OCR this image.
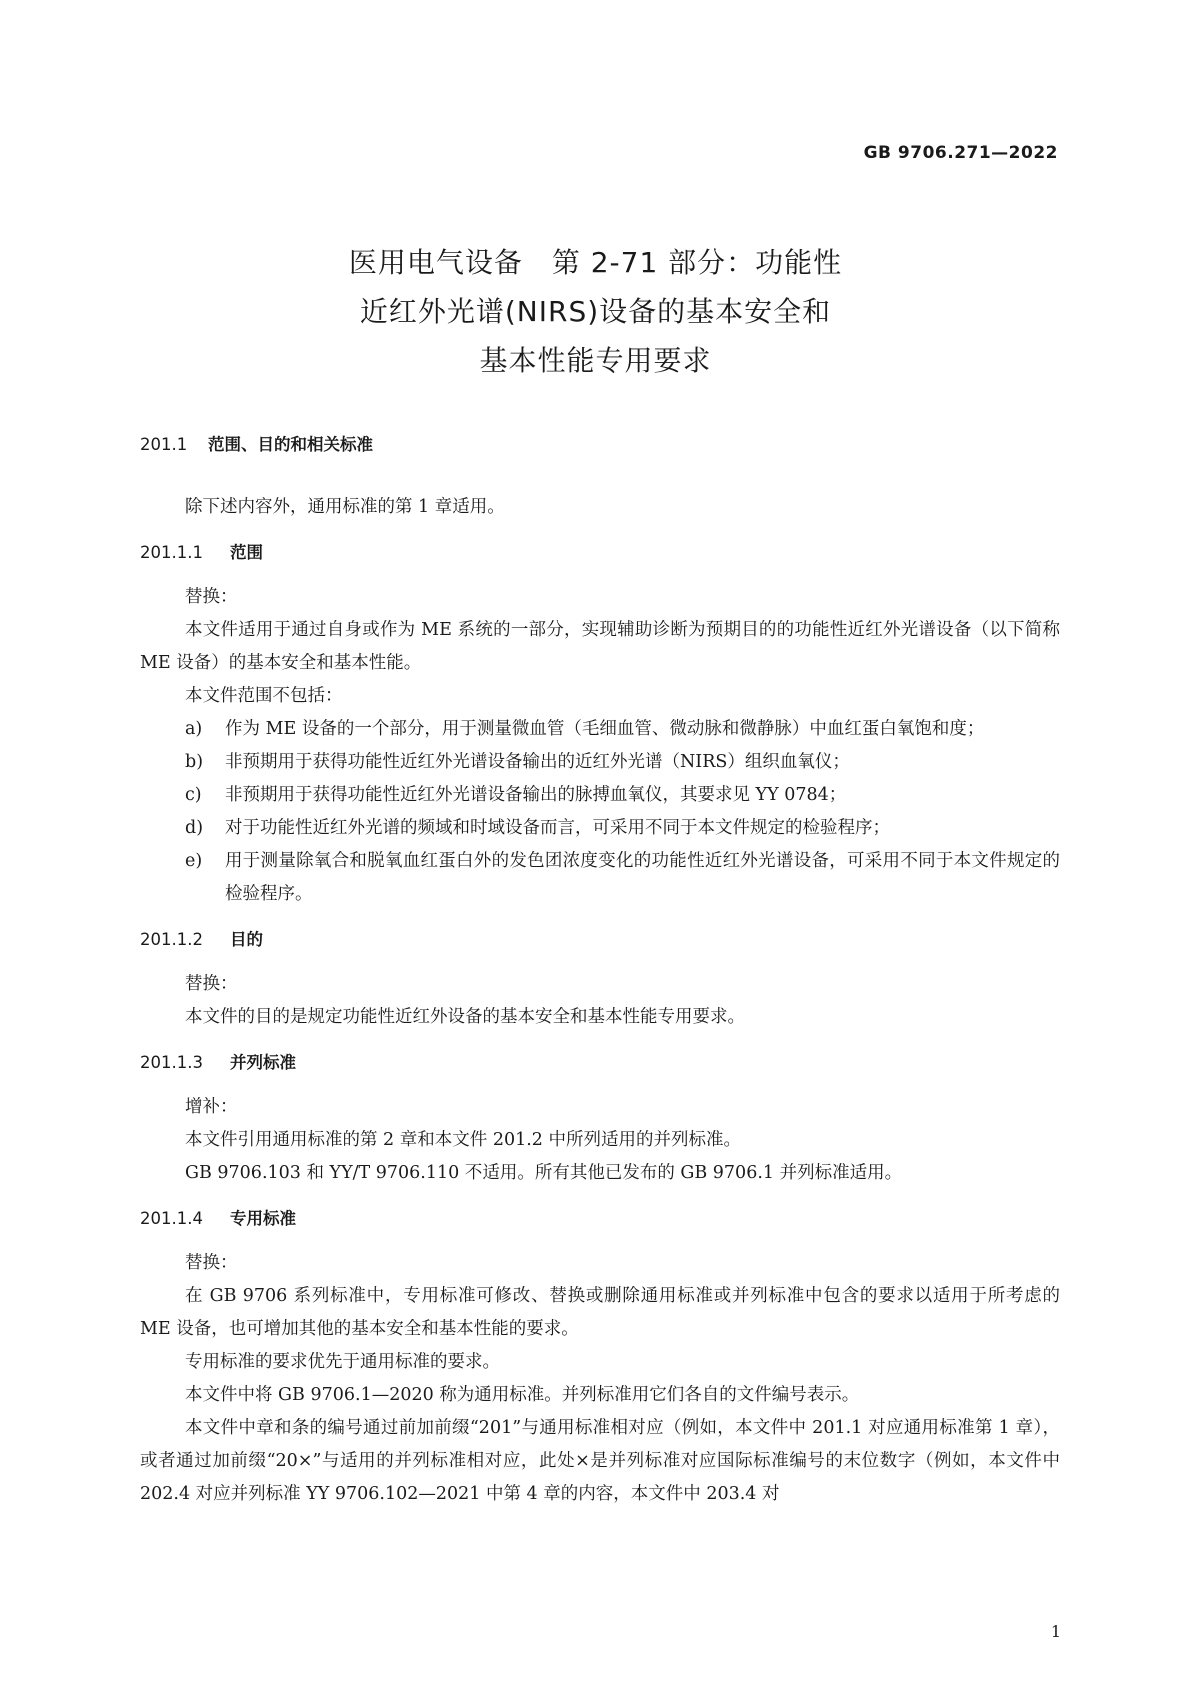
GB 9706.271—2022
医用电气设备　第 2-71 部分：功能性
近红外光谱(NIRS)设备的基本安全和
基本性能专用要求

201.1 范围、目的和相关标准

除下述内容外，通用标准的第 1 章适用。

201.1.1 范围

替换：

本文件适用于通过自身或作为 ME 系统的一部分，实现辅助诊断为预期目的的功能性近红外光谱设备（以下简称 ME 设备）的基本安全和基本性能。

本文件范围不包括：

a)	作为 ME 设备的一个部分，用于测量微血管（毛细血管、微动脉和微静脉）中血红蛋白氧饱和度；
b)	非预期用于获得功能性近红外光谱设备输出的近红外光谱（NIRS）组织血氧仪；
c)	非预期用于获得功能性近红外光谱设备输出的脉搏血氧仪，其要求见 YY 0784；
d)	对于功能性近红外光谱的频域和时域设备而言，可采用不同于本文件规定的检验程序；
e)	用于测量除氧合和脱氧血红蛋白外的发色团浓度变化的功能性近红外光谱设备，可采用不同于本文件规定的检验程序。

201.1.2 目的

替换：

本文件的目的是规定功能性近红外设备的基本安全和基本性能专用要求。

201.1.3 并列标准

增补：

本文件引用通用标准的第 2 章和本文件 201.2 中所列适用的并列标准。

GB 9706.103 和 YY/T 9706.110 不适用。所有其他已发布的 GB 9706.1 并列标准适用。

201.1.4 专用标准

替换：

在 GB 9706 系列标准中，专用标准可修改、替换或删除通用标准或并列标准中包含的要求以适用于所考虑的 ME 设备，也可增加其他的基本安全和基本性能的要求。

专用标准的要求优先于通用标准的要求。

本文件中将 GB 9706.1—2020 称为通用标准。并列标准用它们各自的文件编号表示。

本文件中章和条的编号通过前加前缀“201”与通用标准相对应（例如，本文件中 201.1 对应通用标准第 1 章），或者通过加前缀“20×”与适用的并列标准相对应，此处×是并列标准对应国际标准编号的末位数字（例如，本文件中 202.4 对应并列标准 YY 9706.102—2021 中第 4 章的内容，本文件中 203.4 对

1
